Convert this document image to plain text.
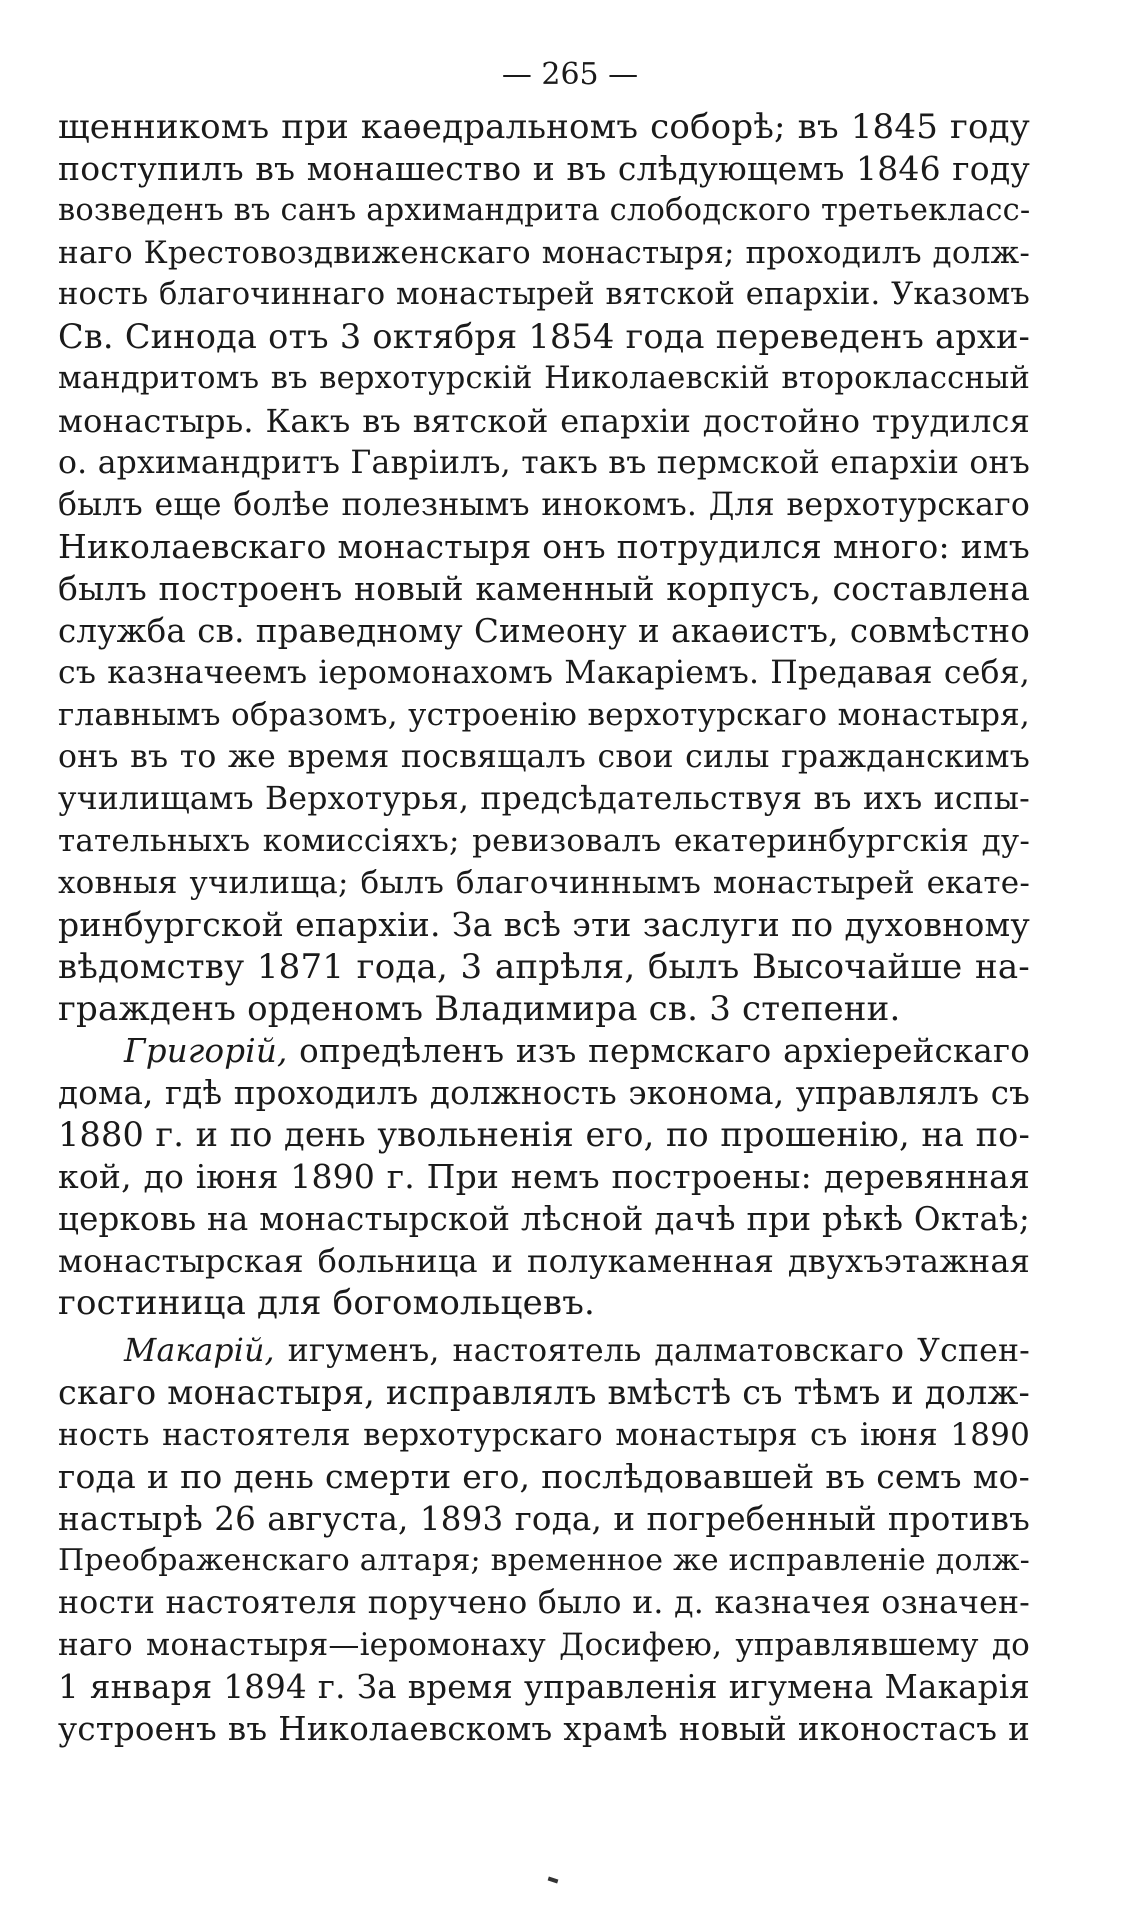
— 265 —
щенникомъ при каѳедральномъ соборѣ; въ 1845 году
поступилъ въ монашество и въ слѣдующемъ 1846 году
возведенъ въ санъ архимандрита слободского третьекласс-
наго Крестовоздвиженскаго монастыря; проходилъ долж-
ность благочиннаго монастырей вятской епархіи. Указомъ
Св. Синода отъ 3 октября 1854 года переведенъ архи-
мандритомъ въ верхотурскій Николаевскій второклассный
монастырь. Какъ въ вятской епархіи достойно трудился
о. архимандритъ Гавріилъ, такъ въ пермской епархіи онъ
былъ еще болѣе полезнымъ инокомъ. Для верхотурскаго
Николаевскаго монастыря онъ потрудился много: имъ
былъ построенъ новый каменный корпусъ, составлена
служба св. праведному Симеону и акаѳистъ, совмѣстно
съ казначеемъ іеромонахомъ Макаріемъ. Предавая себя,
главнымъ образомъ, устроенію верхотурскаго монастыря,
онъ въ то же время посвящалъ свои силы гражданскимъ
училищамъ Верхотурья, предсѣдательствуя въ ихъ испы-
тательныхъ комиссіяхъ; ревизовалъ екатеринбургскія ду-
ховныя училища; былъ благочиннымъ монастырей екате-
ринбургской епархіи. За всѣ эти заслуги по духовному
вѣдомству 1871 года, 3 апрѣля, былъ Высочайше на-
гражденъ орденомъ Владимира св. 3 степени.
Григорій, опредѣленъ изъ пермскаго архіерейскаго
дома, гдѣ проходилъ должность эконома, управлялъ съ
1880 г. и по день увольненія его, по прошенію, на по-
кой, до іюня 1890 г. При немъ построены: деревянная
церковь на монастырской лѣсной дачѣ при рѣкѣ Октаѣ;
монастырская больница и полукаменная двухъэтажная
гостиница для богомольцевъ.
Макарій, игуменъ, настоятель далматовскаго Успен-
скаго монастыря, исправлялъ вмѣстѣ съ тѣмъ и долж-
ность настоятеля верхотурскаго монастыря съ іюня 1890
года и по день смерти его, послѣдовавшей въ семъ мо-
настырѣ 26 августа, 1893 года, и погребенный противъ
Преображенскаго алтаря; временное же исправленіе долж-
ности настоятеля поручено было и. д. казначея означен-
наго монастыря—іеромонаху Досифею, управлявшему до
1 января 1894 г. За время управленія игумена Макарія
устроенъ въ Николаевскомъ храмѣ новый иконостасъ и
